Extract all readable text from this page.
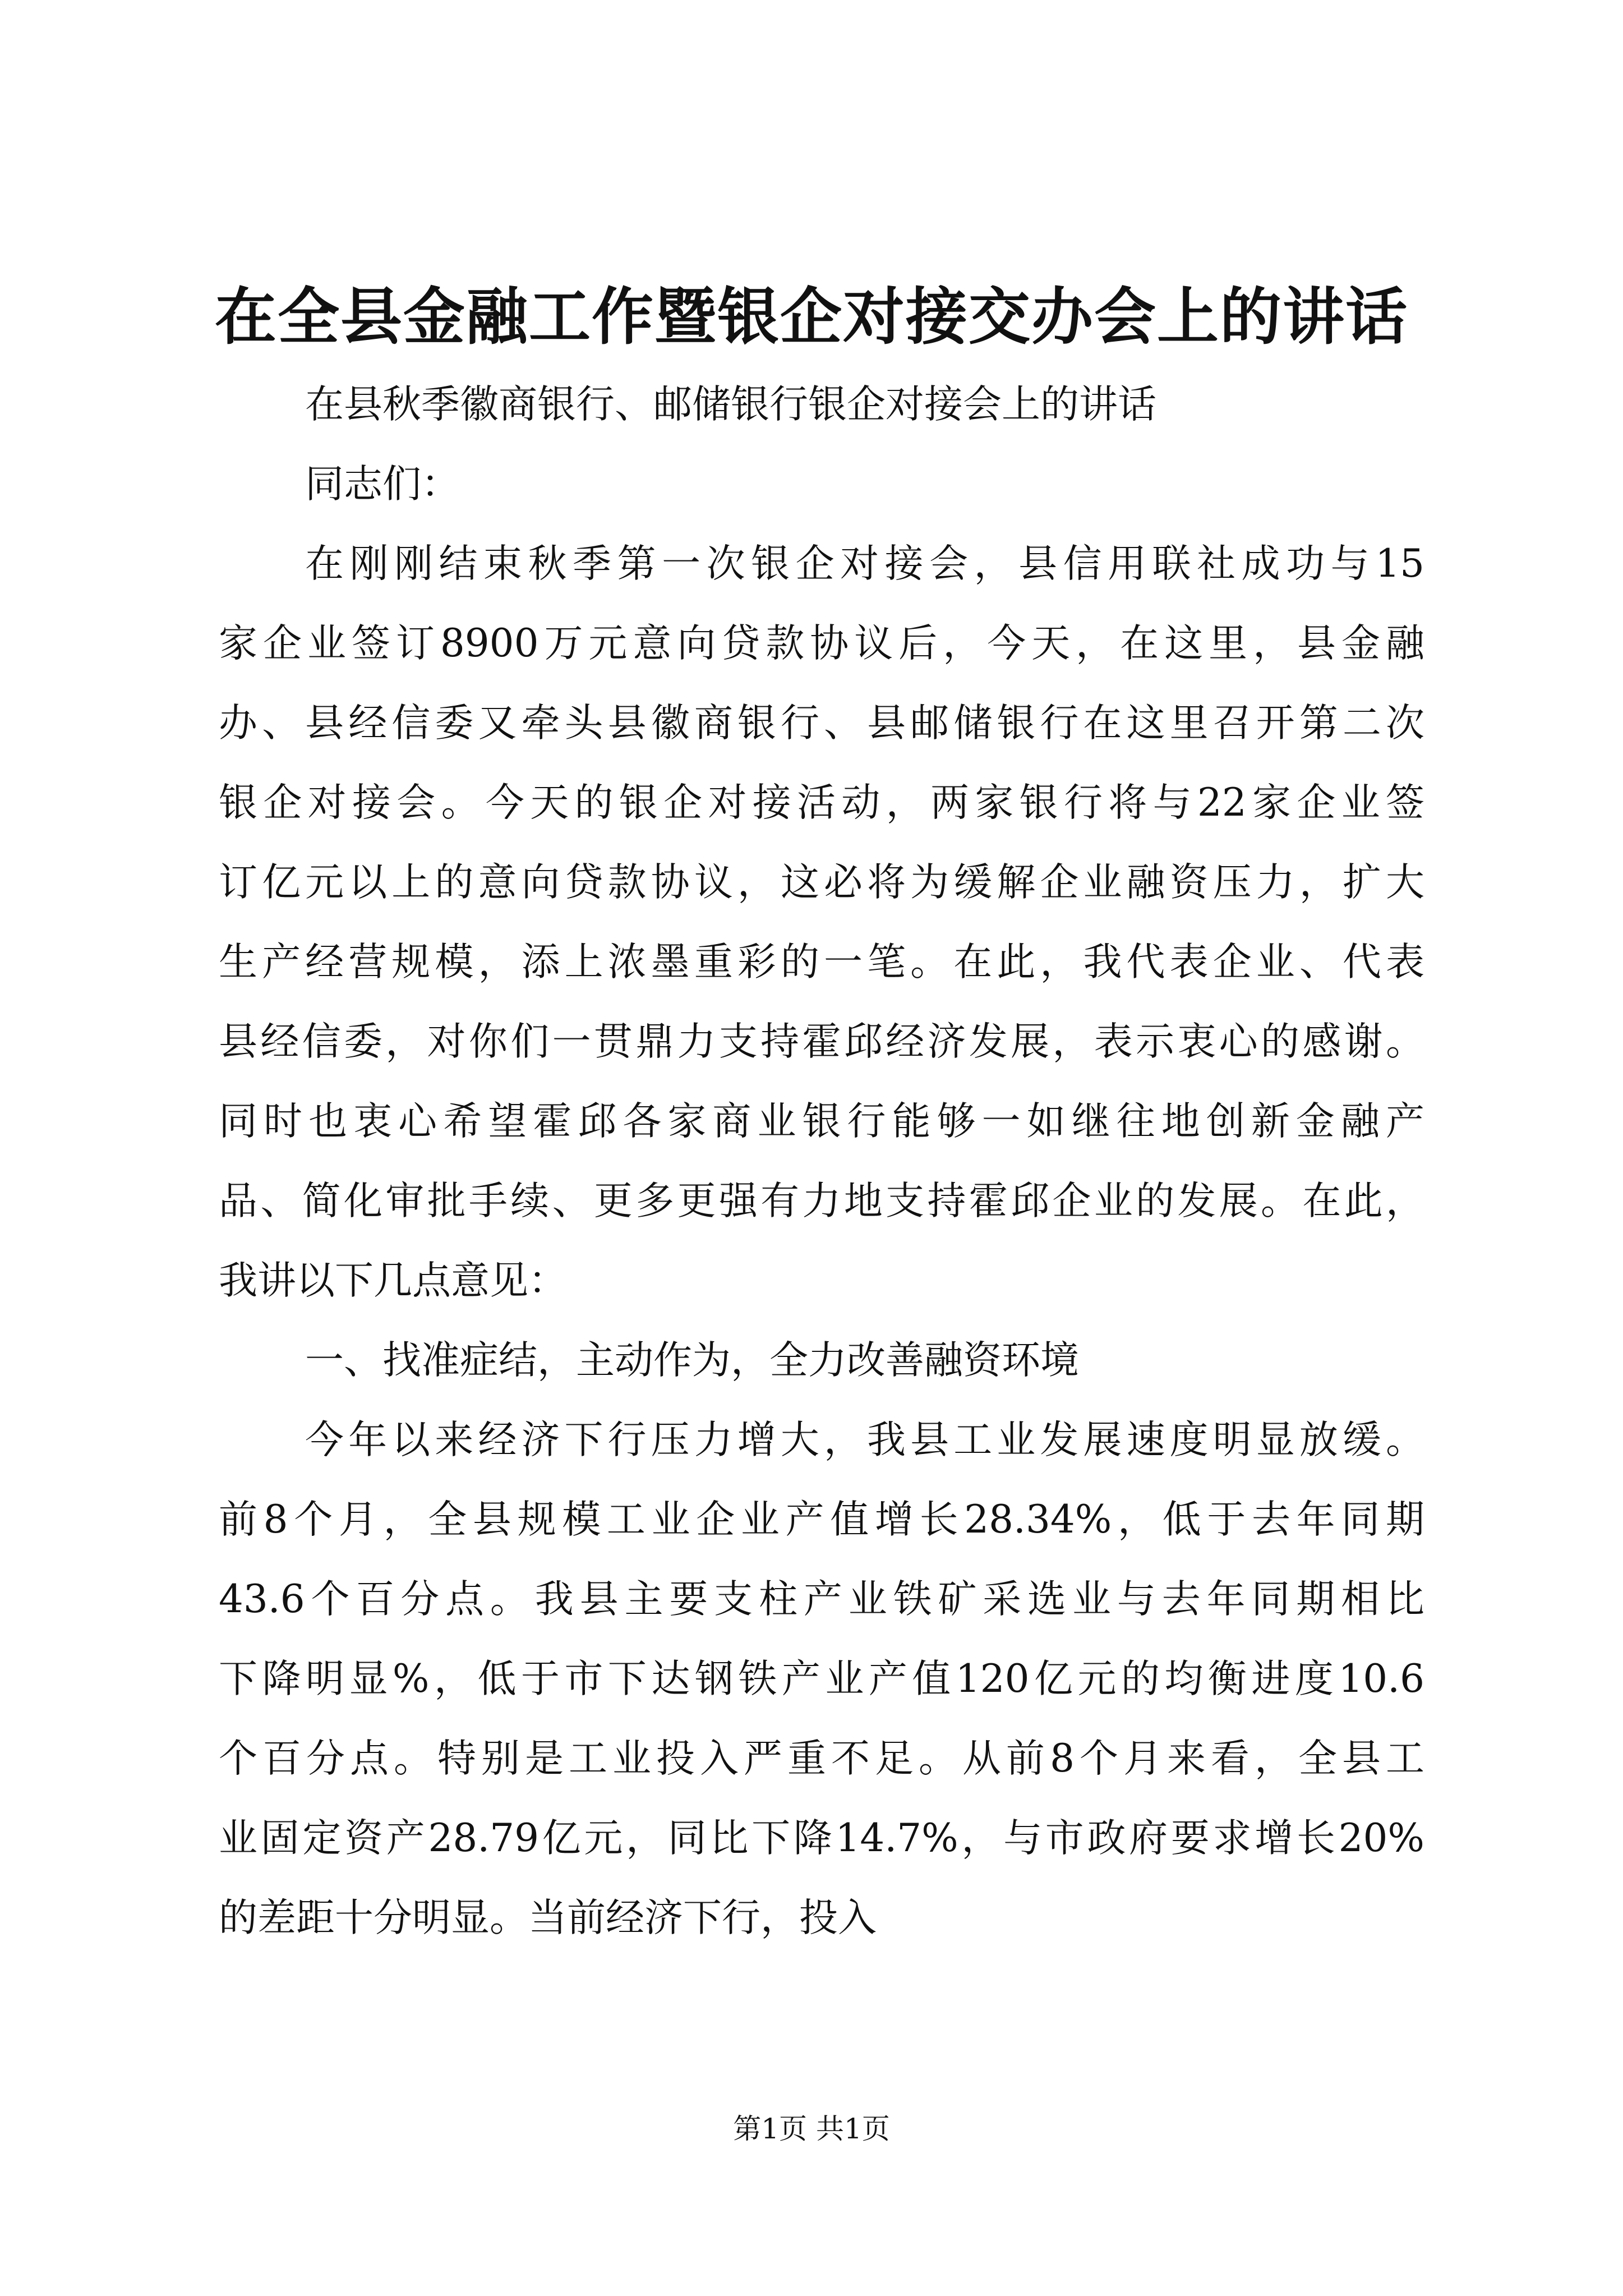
在全县金融工作暨银企对接交办会上的讲话
在县秋季徽商银行、邮储银行银企对接会上的讲话
同志们：
在刚刚结束秋季第一次银企对接会，县信用联社成功与15
家企业签订8900万元意向贷款协议后，今天，在这里，县金融
办、县经信委又牵头县徽商银行、县邮储银行在这里召开第二次
银企对接会。今天的银企对接活动，两家银行将与22家企业签
订亿元以上的意向贷款协议，这必将为缓解企业融资压力，扩大
生产经营规模，添上浓墨重彩的一笔。在此，我代表企业、代表
县经信委，对你们一贯鼎力支持霍邱经济发展，表示衷心的感谢。
同时也衷心希望霍邱各家商业银行能够一如继往地创新金融产
品、简化审批手续、更多更强有力地支持霍邱企业的发展。在此，
我讲以下几点意见：
一、找准症结，主动作为，全力改善融资环境
今年以来经济下行压力增大，我县工业发展速度明显放缓。
前8个月，全县规模工业企业产值增长28.34%，低于去年同期
43.6个百分点。我县主要支柱产业铁矿采选业与去年同期相比
下降明显%，低于市下达钢铁产业产值120亿元的均衡进度10.6
个百分点。特别是工业投入严重不足。从前8个月来看，全县工
业固定资产28.79亿元，同比下降14.7%，与市政府要求增长20%
的差距十分明显。当前经济下行，投入
第1页 共1页
